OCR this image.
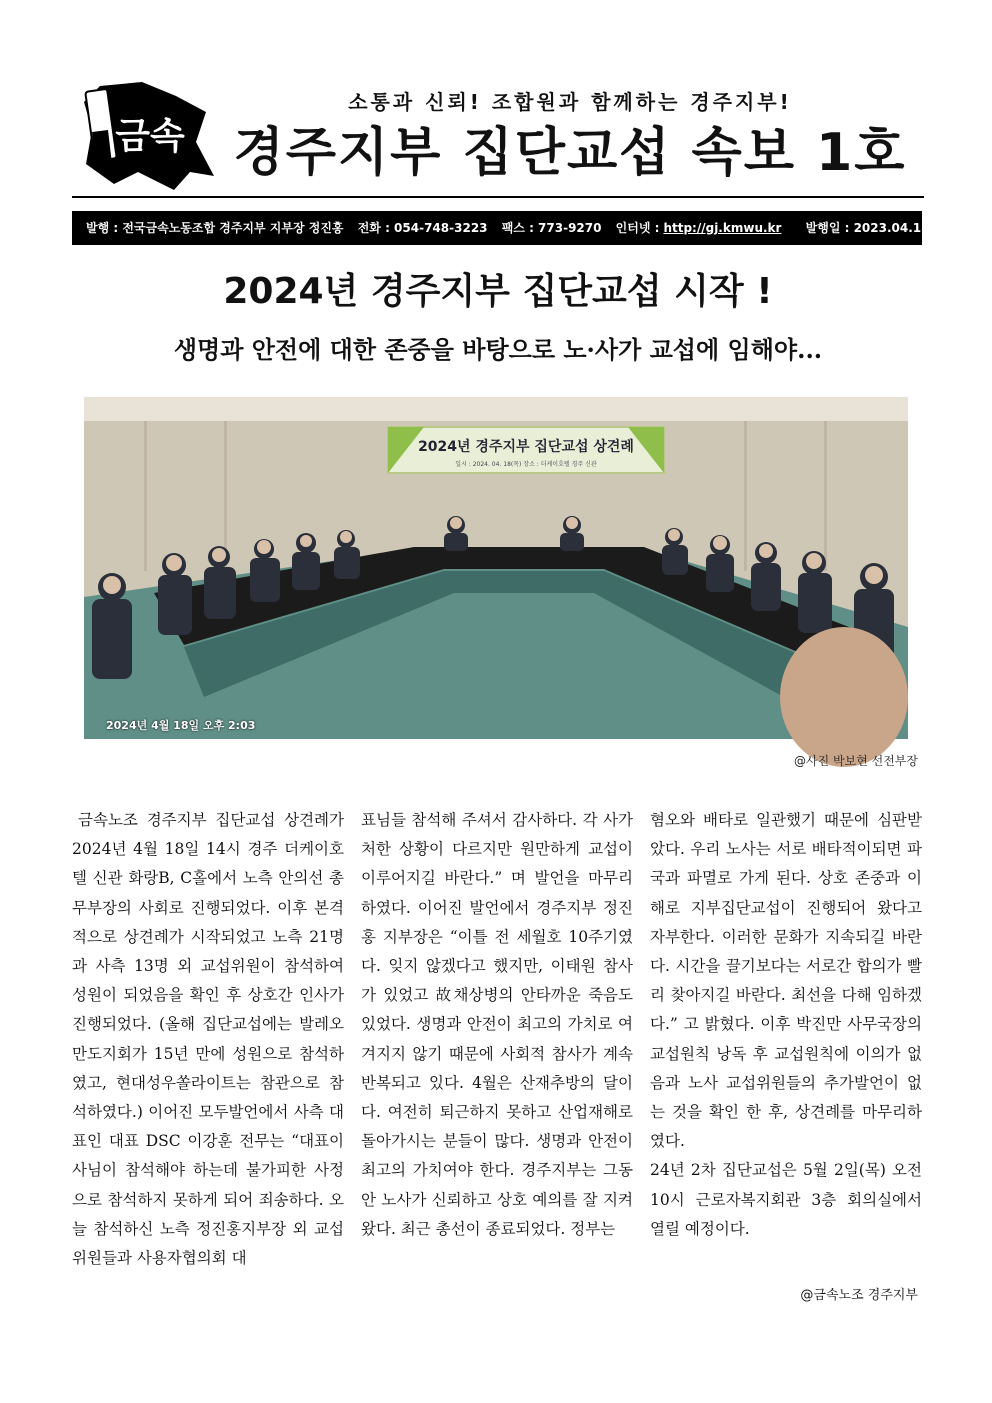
금속
소통과 신뢰! 조합원과 함께하는 경주지부!
경주지부 집단교섭 속보 1호
발행 : 전국금속노동조합 경주지부 지부장 정진홍 전화 : 054-748-3223 팩스 : 773-9270 인터넷 : http://gj.kmwu.kr 발행일 : 2023.04.18(목)
2024년 경주지부 집단교섭 시작 !
생명과 안전에 대한 존중을 바탕으로 노·사가 교섭에 임해야...
2024년 경주지부 집단교섭 상견례
일시 : 2024. 04. 18(목) 장소 : 더케이호텔 경주 신관
2024년 4월 18일 오후 2:03
@사진 박보현 선전부장

금속노조 경주지부 집단교섭 상견례가 2024년 4월 18일 14시 경주 더케이호텔 신관 화랑B, C홀에서 노측 안의선 총무부장의 사회로 진행되었다. 이후 본격적으로 상견례가 시작되었고 노측 21명과 사측 13명 외 교섭위원이 참석하여 성원이 되었음을 확인 후 상호간 인사가 진행되었다. (올해 집단교섭에는 발레오만도지회가 15년 만에 성원으로 참석하였고, 현대성우쏠라이트는 참관으로 참석하였다.) 이어진 모두발언에서 사측 대표인 대표 DSC 이강훈 전무는 “대표이사님이 참석해야 하는데 불가피한 사정으로 참석하지 못하게 되어 죄송하다. 오늘 참석하신 노측 정진홍지부장 외 교섭위원들과 사용자협의회 대

표님들 참석해 주셔서 감사하다. 각 사가 처한 상황이 다르지만 원만하게 교섭이 이루어지길 바란다.” 며 발언을 마무리하였다. 이어진 발언에서 경주지부 정진홍 지부장은 “이틀 전 세월호 10주기였다. 잊지 않겠다고 했지만, 이태원 참사가 있었고 故채상병의 안타까운 죽음도 있었다. 생명과 안전이 최고의 가치로 여겨지지 않기 때문에 사회적 참사가 계속 반복되고 있다. 4월은 산재추방의 달이다. 여전히 퇴근하지 못하고 산업재해로 돌아가시는 분들이 많다. 생명과 안전이 최고의 가치여야 한다. 경주지부는 그동안 노사가 신뢰하고 상호 예의를 잘 지켜왔다. 최근 총선이 종료되었다. 정부는

혐오와 배타로 일관했기 때문에 심판받았다. 우리 노사는 서로 배타적이되면 파국과 파멸로 가게 된다. 상호 존중과 이해로 지부집단교섭이 진행되어 왔다고 자부한다. 이러한 문화가 지속되길 바란다. 시간을 끌기보다는 서로간 합의가 빨리 찾아지길 바란다. 최선을 다해 임하겠다.” 고 밝혔다. 이후 박진만 사무국장의 교섭원칙 낭독 후 교섭원칙에 이의가 없음과 노사 교섭위원들의 추가발언이 없는 것을 확인 한 후, 상견례를 마무리하였다.

24년 2차 집단교섭은 5월 2일(목) 오전 10시 근로자복지회관 3층 회의실에서 열릴 예정이다.

@금속노조 경주지부
